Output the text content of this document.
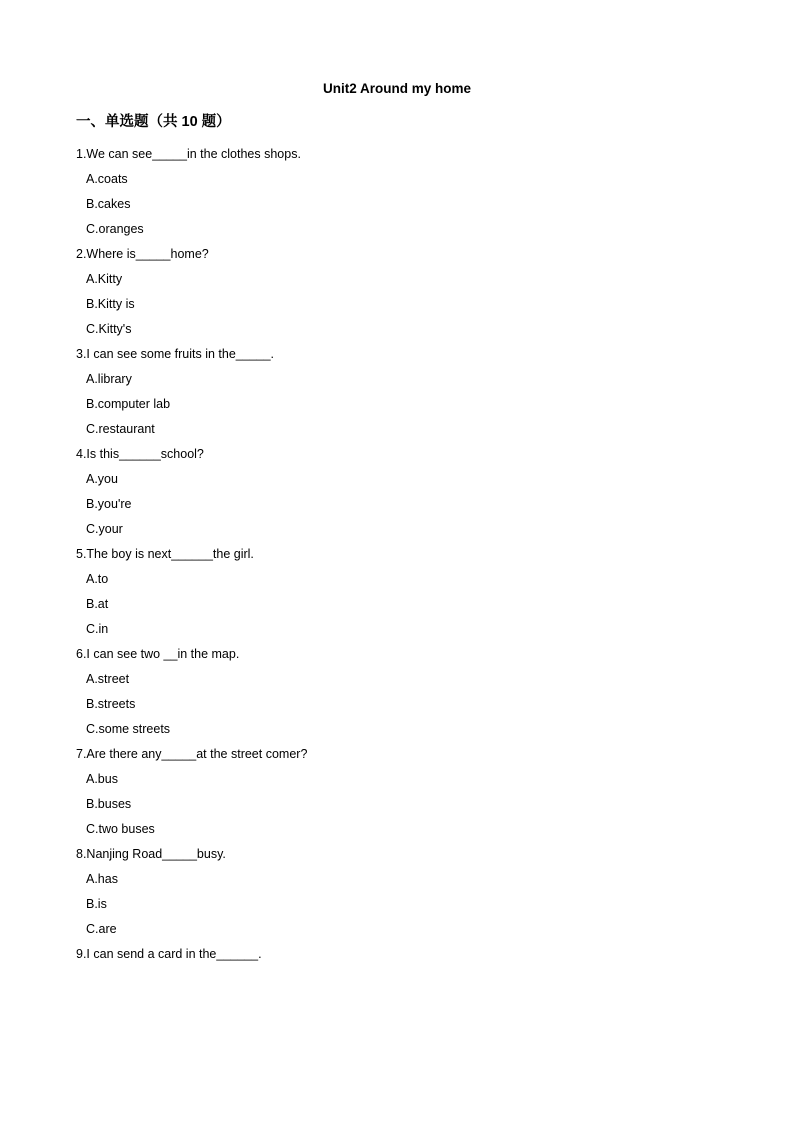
Unit2 Around my home
一、单选题（共 10 题）
1.We can see_____in the clothes shops.
A.coats
B.cakes
C.oranges
2.Where is_____home?
A.Kitty
B.Kitty is
C.Kitty's
3.I can see some fruits in the_____.
A.library
B.computer lab
C.restaurant
4.Is this______school?
A.you
B.you're
C.your
5.The boy is next______the girl.
A.to
B.at
C.in
6.I can see two __in the map.
A.street
B.streets
C.some streets
7.Are there any_____at the street comer?
A.bus
B.buses
C.two buses
8.Nanjing Road_____busy.
A.has
B.is
C.are
9.I can send a card in the______.
